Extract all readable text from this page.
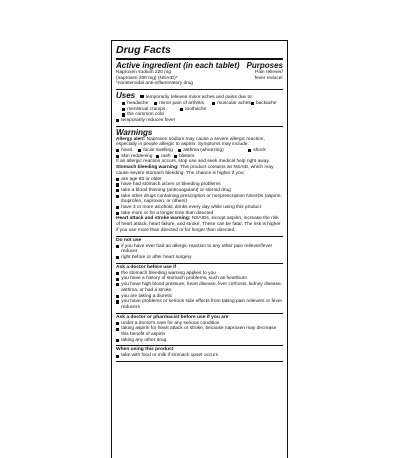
Drug Facts
Active ingredient (in each tablet) Purposes
Naproxen sodium 220 mg	Pain reliever/
(naproxen 200 mg) (NSAID)*	fever reducer
*nonsteroidal anti-inflammatory drug
Uses temporarily relieves minor aches and pains due to:
headache minor pain of arthritis	muscular aches backache
menstrual cramps	toothache
the common cold
temporarily reduces fever
Warnings
Allergy alert: Naproxen sodium may cause a severe allergic reaction, especially in people allergic to aspirin. Symptoms may include:
hives facial swelling asthma (wheezing)	shock
skin reddening rash blisters
If an allergic reaction occurs, stop use and seek medical help right away.
Stomach bleeding warning: This product contains an NSAID, which may cause severe stomach bleeding. The chance is higher if you:
are age 60 or older
have had stomach ulcers or bleeding problems
take a blood thinning (anticoagulant) or steroid drug
take other drugs containing prescription or nonprescription NSAIDs (aspirin, ibuprofen, naproxen, or others)
have 3 or more alcoholic drinks every day while using this product
take more or for a longer time than directed
Heart attack and stroke warning: NSAIDs, except aspirin, increase the risk of heart attack, heart failure, and stroke. These can be fatal. The risk is higher if you use more than directed or for longer than directed.
Do not use
if you have ever had an allergic reaction to any other pain reliever/fever reducer
right before or after heart surgery
Ask a doctor before use if
the stomach bleeding warning applies to you
you have a history of stomach problems, such as heartburn
you have high blood pressure, heart disease, liver cirrhosis, kidney disease, asthma, or had a stroke
you are taking a diuretic
you have problems or serious side effects from taking pain relievers or fever reducers
Ask a doctor or pharmacist before use if you are
under a doctor's care for any serious condition
taking aspirin for heart attack or stroke, because naproxen may decrease this benefit of aspirin
taking any other drug
When using this product
take with food or milk if stomach upset occurs
